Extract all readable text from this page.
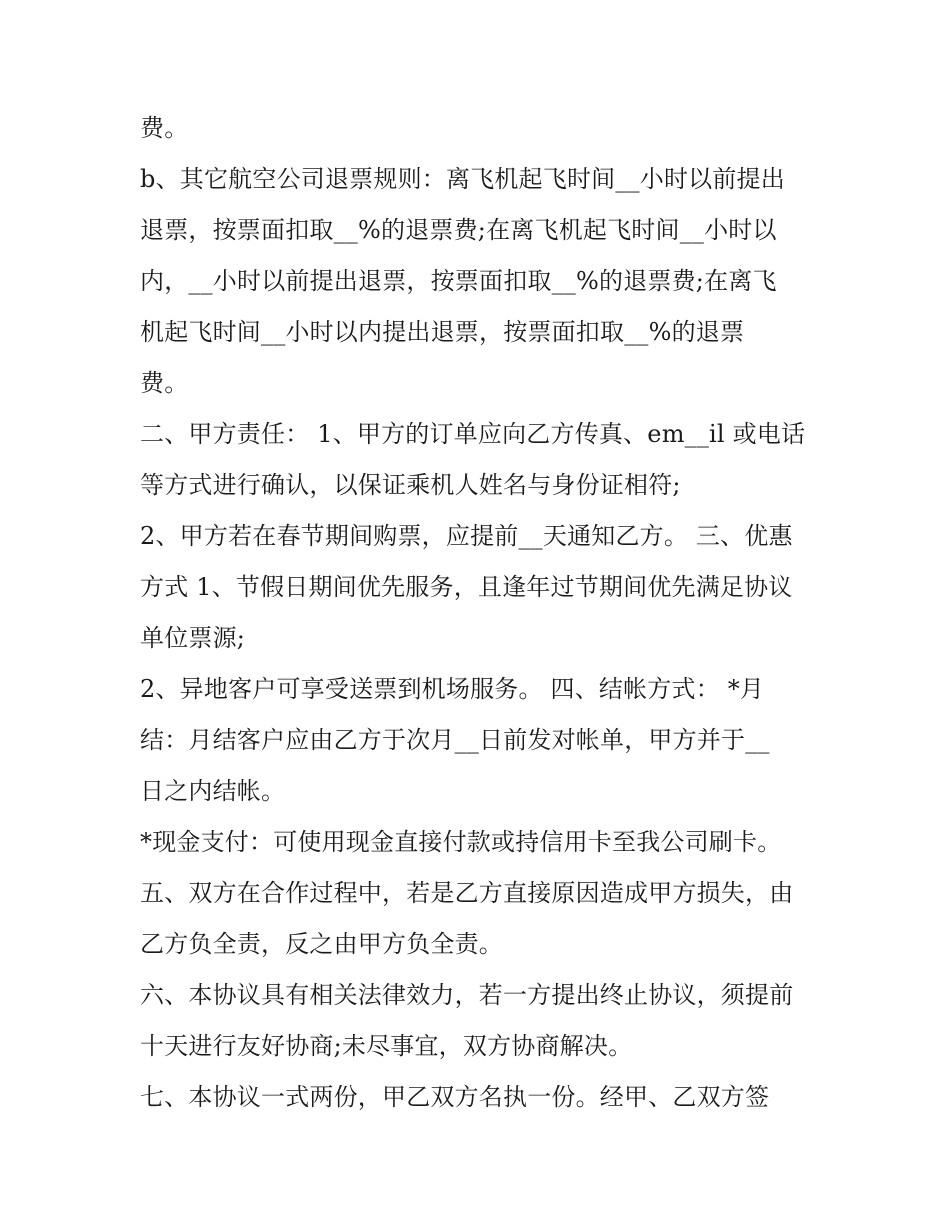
费。
b、其它航空公司退票规则：离飞机起飞时间__小时以前提出
退票，按票面扣取__%的退票费;在离飞机起飞时间__小时以
内，__小时以前提出退票，按票面扣取__%的退票费;在离飞
机起飞时间__小时以内提出退票，按票面扣取__%的退票
费。
二、甲方责任： 1、甲方的订单应向乙方传真、em__il 或电话
等方式进行确认，以保证乘机人姓名与身份证相符;
2、甲方若在春节期间购票，应提前__天通知乙方。 三、优惠
方式 1、节假日期间优先服务，且逢年过节期间优先满足协议
单位票源;
2、异地客户可享受送票到机场服务。 四、结帐方式： *月
结：月结客户应由乙方于次月__日前发对帐单，甲方并于__
日之内结帐。
*现金支付：可使用现金直接付款或持信用卡至我公司刷卡。
五、双方在合作过程中，若是乙方直接原因造成甲方损失，由
乙方负全责，反之由甲方负全责。
六、本协议具有相关法律效力，若一方提出终止协议，须提前
十天进行友好协商;未尽事宜，双方协商解决。
七、本协议一式两份，甲乙双方名执一份。经甲、乙双方签
